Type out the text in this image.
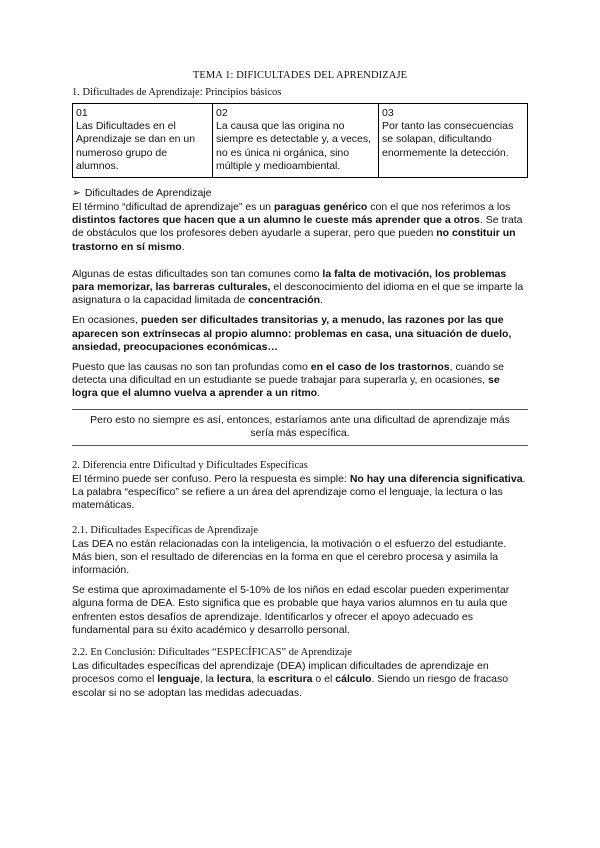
TEMA 1: DIFICULTADES DEL APRENDIZAJE
1. Dificultades de Aprendizaje: Principios básicos
01
Las Dificultades en el Aprendizaje se dan en un numeroso grupo de alumnos.
02
La causa que las origina no siempre es detectable y, a veces, no es única ni orgánica, sino múltiple y medioambiental.
03
Por tanto las consecuencias se solapan, dificultando enormemente la detección.
➢ Dificultades de Aprendizaje

El término “dificultad de aprendizaje” es un paraguas genérico con el que nos referimos a los distintos factores que hacen que a un alumno le cueste más aprender que a otros. Se trata de obstáculos que los profesores deben ayudarle a superar, pero que pueden no constituir un trastorno en sí mismo.

Algunas de estas dificultades son tan comunes como la falta de motivación, los problemas para memorizar, las barreras culturales, el desconocimiento del idioma en el que se imparte la asignatura o la capacidad limitada de concentración.

En ocasiones, pueden ser dificultades transitorias y, a menudo, las razones por las que aparecen son extrínsecas al propio alumno: problemas en casa, una situación de duelo, ansiedad, preocupaciones económicas…

Puesto que las causas no son tan profundas como en el caso de los trastornos, cuando se detecta una dificultad en un estudiante se puede trabajar para superarla y, en ocasiones, se logra que el alumno vuelva a aprender a un ritmo.

Pero esto no siempre es así, entonces, estaríamos ante una dificultad de aprendizaje más sería más específica.
2. Diferencia entre Dificultad y Dificultades Específicas

El término puede ser confuso. Pero la respuesta es simple: No hay una diferencia significativa. La palabra “específico” se refiere a un área del aprendizaje como el lenguaje, la lectura o las matemáticas.

2.1. Dificultades Específicas de Aprendizaje

Las DEA no están relacionadas con la inteligencia, la motivación o el esfuerzo del estudiante. Más bien, son el resultado de diferencias en la forma en que el cerebro procesa y asimila la información.

Se estima que aproximadamente el 5-10% de los niños en edad escolar pueden experimentar alguna forma de DEA. Esto significa que es probable que haya varios alumnos en tu aula que enfrenten estos desafíos de aprendizaje. Identificarlos y ofrecer el apoyo adecuado es fundamental para su éxito académico y desarrollo personal.

2.2. En Conclusión: Dificultades “ESPECÍFICAS” de Aprendizaje

Las dificultades específicas del aprendizaje (DEA) implican dificultades de aprendizaje en procesos como el lenguaje, la lectura, la escritura o el cálculo. Siendo un riesgo de fracaso escolar si no se adoptan las medidas adecuadas.
